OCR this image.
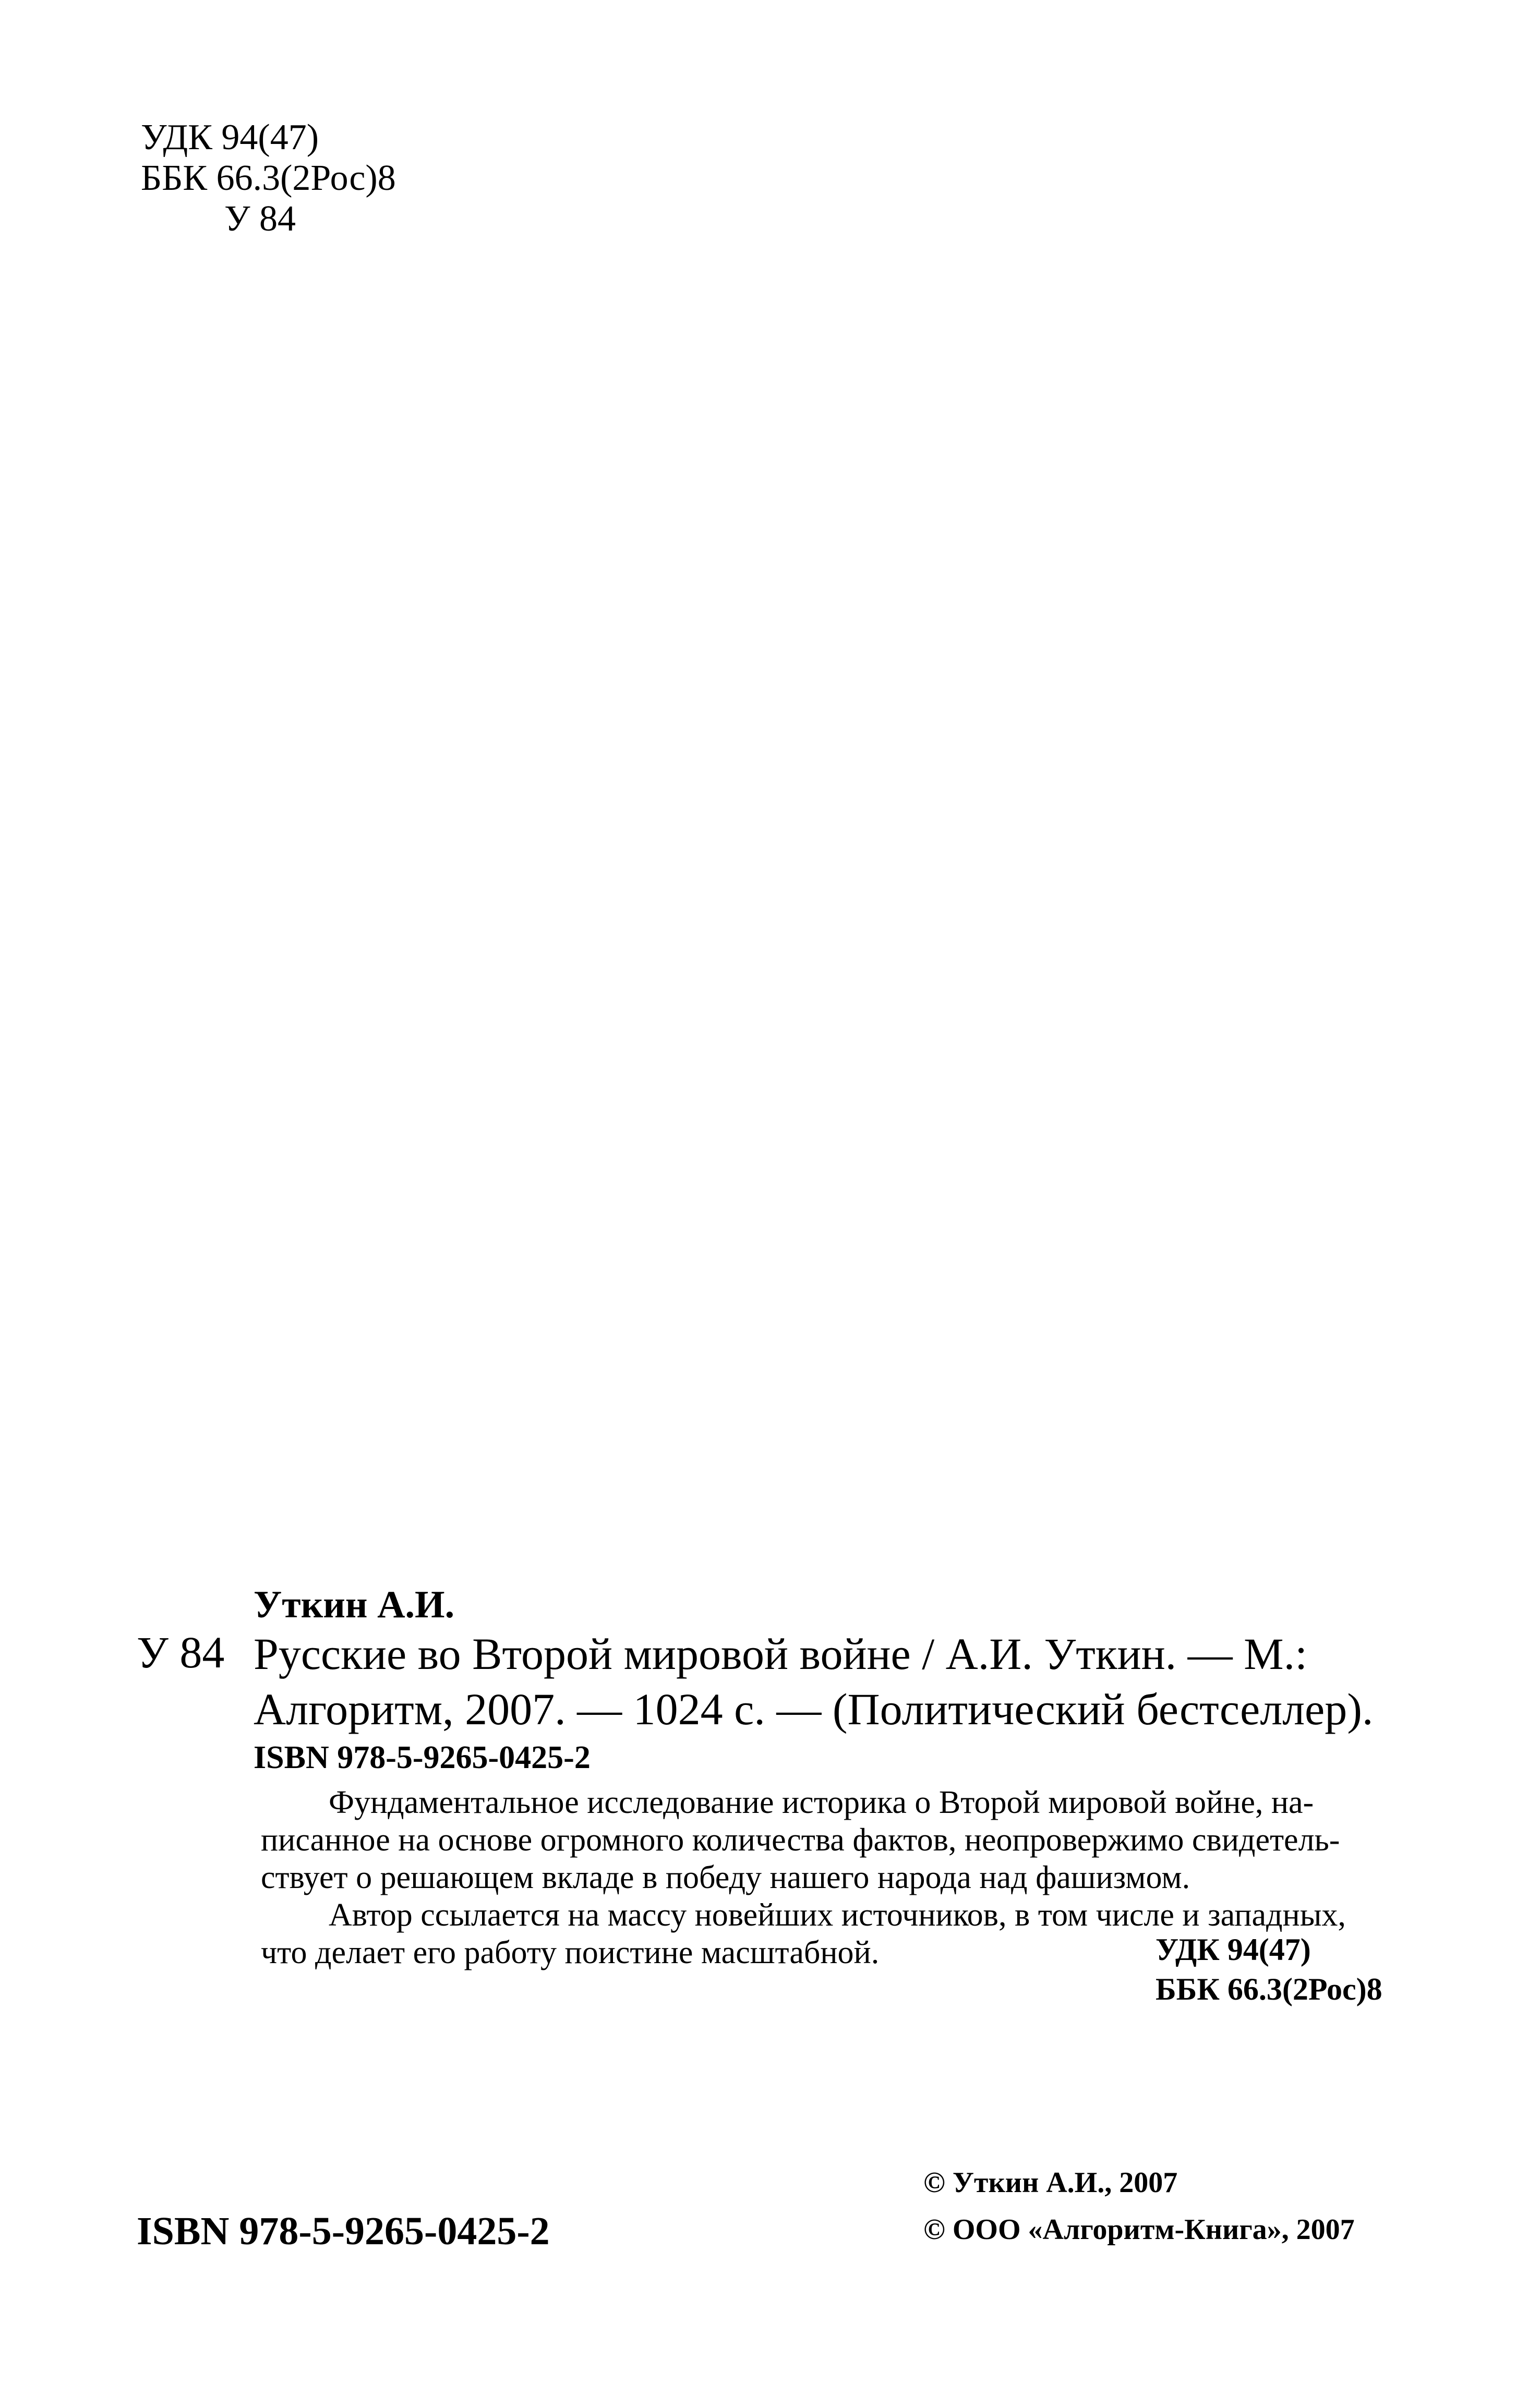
УДК 94(47)
ББК 66.3(2Рос)8
У 84
Уткин А.И.
У 84 Русские во Второй мировой войне / А.И. Уткин. — М.:
Алгоритм, 2007. — 1024 с. — (Политический бестселлер).
ISBN 978-5-9265-0425-2
Фундаментальное исследование историка о Второй мировой войне, на-
писанное на основе огромного количества фактов, неопровержимо свидетель-
ствует о решающем вкладе в победу нашего народа над фашизмом.
Автор ссылается на массу новейших источников, в том числе и западных,
что делает его работу поистине масштабной.	УДК 94(47)
ББК 66.3(2Рос)8
© Уткин А.И., 2007
© ООО «Алгоритм-Книга», 2007
ISBN 978-5-9265-0425-2
